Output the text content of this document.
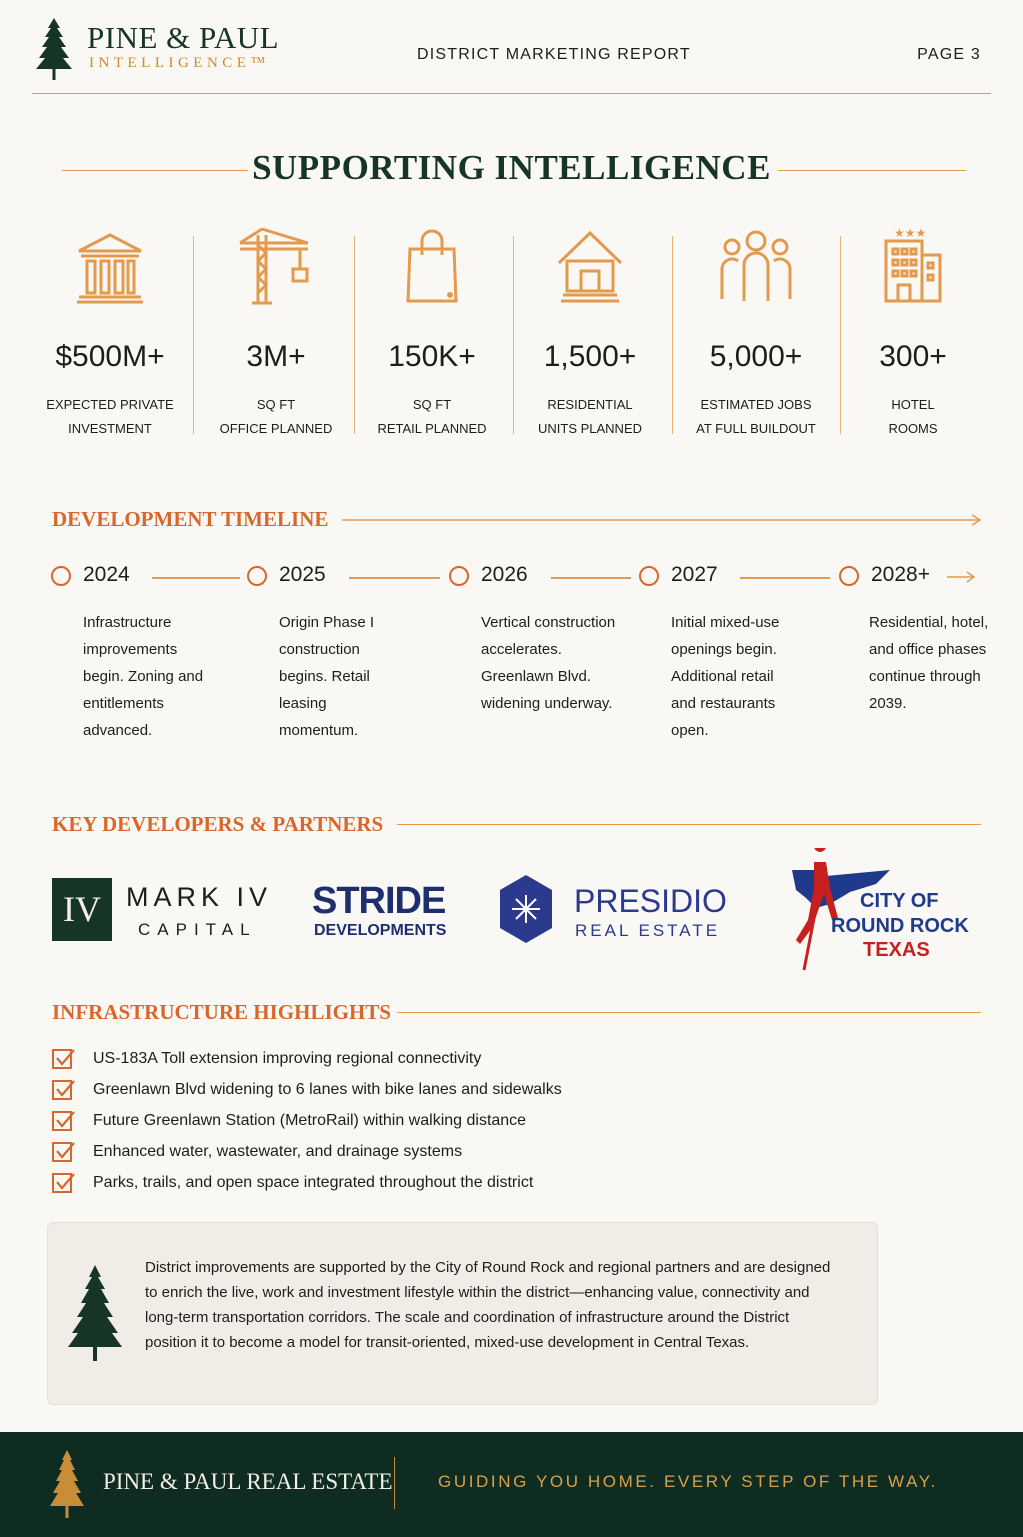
PINE & PAUL
INTELLIGENCE™	DISTRICT MARKETING REPORT	PAGE 3
SUPPORTING INTELLIGENCE
$500M+
EXPECTED PRIVATE
INVESTMENT
3M+
SQ FT
OFFICE PLANNED
150K+
SQ FT
RETAIL PLANNED
1,500+
RESIDENTIAL
UNITS PLANNED
5,000+
ESTIMATED JOBS
AT FULL BUILDOUT
★★★
300+
HOTEL
ROOMS
DEVELOPMENT TIMELINE
2024
Infrastructure improvements begin. Zoning and entitlements advanced.
2025
Origin Phase I construction begins. Retail leasing momentum.
2026
Vertical construction accelerates. Greenlawn Blvd. widening underway.
2027
Initial mixed-use openings begin. Additional retail and restaurants open.
2028+
Residential, hotel, and office phases continue through 2039.
KEY DEVELOPERS & PARTNERS
IV MARK IV
CAPITAL
STRIDE
DEVELOPMENTS
PRESIDIO
REAL ESTATE
CITY OF
ROUND ROCK
TEXAS
INFRASTRUCTURE HIGHLIGHTS
US-183A Toll extension improving regional connectivity
Greenlawn Blvd widening to 6 lanes with bike lanes and sidewalks
Future Greenlawn Station (MetroRail) within walking distance
Enhanced water, wastewater, and drainage systems
Parks, trails, and open space integrated throughout the district
District improvements are supported by the City of Round Rock and regional partners and are designed to enrich the live, work and investment lifestyle within the district—enhancing value, connectivity and long-term transportation corridors. The scale and coordination of infrastructure around the District position it to become a model for transit-oriented, mixed-use development in Central Texas.
PINE & PAUL REAL ESTATE	GUIDING YOU HOME. EVERY STEP OF THE WAY.
